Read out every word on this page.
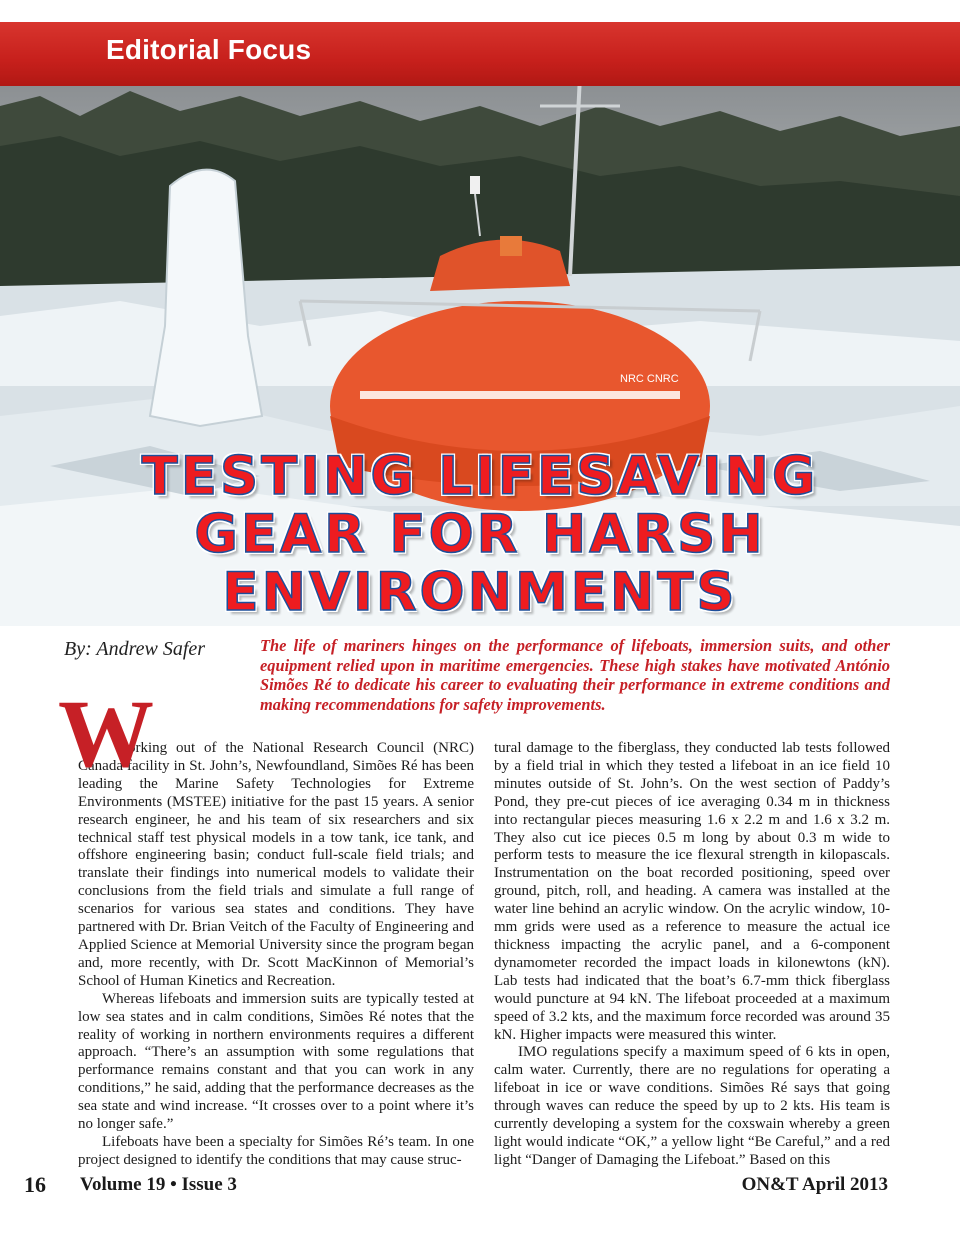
Editorial Focus
NRC CNRC
TESTING LIFESAVING
GEAR FOR HARSH
ENVIRONMENTS
By: Andrew Safer	The life of mariners hinges on the performance of lifeboats, immersion suits, and other equipment relied upon in maritime emergencies. These high stakes have motivated António Simões Ré to dedicate his career to evaluating their performance in extreme conditions and making recommendations for safety improvements.
W

orking out of the National Research Council (NRC) Canada facility in St. John’s, Newfoundland, Simões Ré has been leading the Marine Safety Technologies for Extreme Environments (MSTEE) initiative for the past 15 years. A senior research engineer, he and his team of six researchers and six technical staff test physical models in a tow tank, ice tank, and offshore engineering basin; conduct full-scale field trials; and translate their findings into numerical models to validate their conclusions from the field trials and simulate a full range of scenarios for various sea states and conditions. They have partnered with Dr. Brian Veitch of the Faculty of Engineering and Applied Science at Memorial University since the program began and, more recently, with Dr. Scott MacKinnon of Memorial’s School of Human Kinetics and Recreation.

Whereas lifeboats and immersion suits are typically tested at low sea states and in calm conditions, Simões Ré notes that the reality of working in northern environments requires a different approach. “There’s an assumption with some regulations that performance remains constant and that you can work in any conditions,” he said, adding that the performance decreases as the sea state and wind increase. “It crosses over to a point where it’s no longer safe.”

Lifeboats have been a specialty for Simões Ré’s team. In one project designed to identify the conditions that may cause struc-

tural damage to the fiberglass, they conducted lab tests followed by a field trial in which they tested a lifeboat in an ice field 10 minutes outside of St. John’s. On the west section of Paddy’s Pond, they pre-cut pieces of ice averaging 0.34 m in thickness into rectangular pieces measuring 1.6 x 2.2 m and 1.6 x 3.2 m. They also cut ice pieces 0.5 m long by about 0.3 m wide to perform tests to measure the ice flexural strength in kilopascals. Instrumentation on the boat recorded positioning, speed over ground, pitch, roll, and heading. A camera was installed at the water line behind an acrylic window. On the acrylic window, 10-mm grids were used as a reference to measure the actual ice thickness impacting the acrylic panel, and a 6-component dynamometer recorded the impact loads in kilonewtons (kN). Lab tests had indicated that the boat’s 6.7-mm thick fiberglass would puncture at 94 kN. The lifeboat proceeded at a maximum speed of 3.2 kts, and the maximum force recorded was around 35 kN. Higher impacts were measured this winter.

IMO regulations specify a maximum speed of 6 kts in open, calm water. Currently, there are no regulations for operating a lifeboat in ice or wave conditions. Simões Ré says that going through waves can reduce the speed by up to 2 kts. His team is currently developing a system for the coxswain whereby a green light would indicate “OK,” a yellow light “Be Careful,” and a red light “Danger of Damaging the Lifeboat.” Based on this

16 Volume 19 • Issue 3	ON&T April 2013
